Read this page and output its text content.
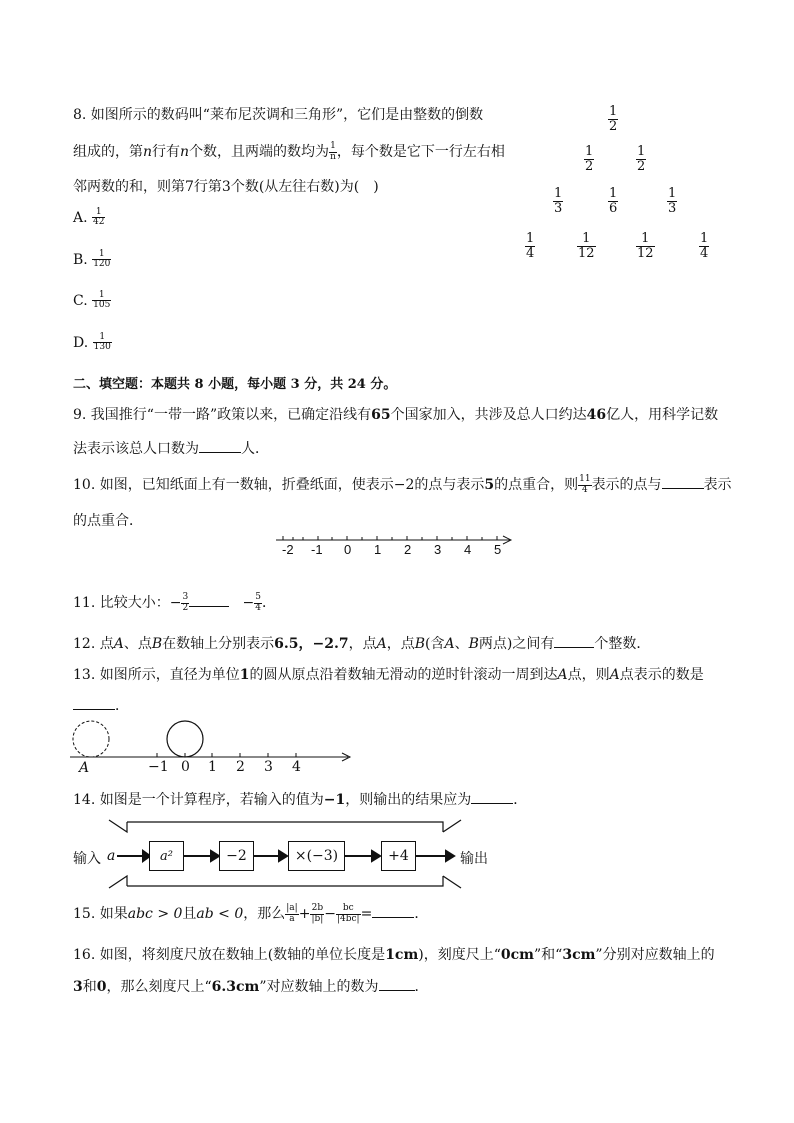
8. 如图所示的数码叫“莱布尼茨调和三角形”，它们是由整数的倒数
组成的，第n行有n个数，且两端的数均为 $\frac{1}{n}$ ，每个数是它下一行左右相
邻两数的和，则第7行第3个数(从左往右数)为(　)
A. $\frac{1}{42}$
B. $\frac{1}{120}$
C. $\frac{1}{105}$
D. $\frac{1}{130}$
$\frac{1}{2}$
$\frac{1}{2}$	$\frac{1}{2}$
$\frac{1}{3}$	$\frac{1}{6}$	$\frac{1}{3}$
$\frac{1}{4}$	$\frac{1}{12}$	$\frac{1}{12}$	$\frac{1}{4}$
二、填空题：本题共 8 小题，每小题 3 分，共 24 分。
9. 我国推行“一带一路”政策以来，已确定沿线有65个国家加入，共涉及总人口约达46亿人，用科学记数
法表示该总人口数为	人．
10. 如图，已知纸面上有一数轴，折叠纸面，使表示−2的点与表示5的点重合，则 $\frac{11}{4}$ 表示的点与	表示
的点重合．
-2 -1 0 1 2 3 4 5
11. 比较大小：− $\frac{3}{2}$	− $\frac{5}{4}$ ．
12. 点A、点B在数轴上分别表示6.5，−2.7，点A，点B(含A、B两点)之间有	个整数．
13. 如图所示，直径为单位1的圆从原点沿着数轴无滑动的逆时针滚动一周到达A点，则A点表示的数是
．
A	−1 0 1 2 3 4
14. 如图是一个计算程序，若输入的值为−1，则输出的结果应为	．
输入 a	a²	−2	×(−3)	+4	输出
15. 如果abc > 0且ab < 0，那么 $\frac{|a|}{a} + \frac{2b}{|b|} - \frac{bc}{|4bc|}$ =	．
16. 如图，将刻度尺放在数轴上(数轴的单位长度是1cm)，刻度尺上“0cm”和“3cm”分别对应数轴上的
3和0，那么刻度尺上“6.3cm”对应数轴上的数为	．
